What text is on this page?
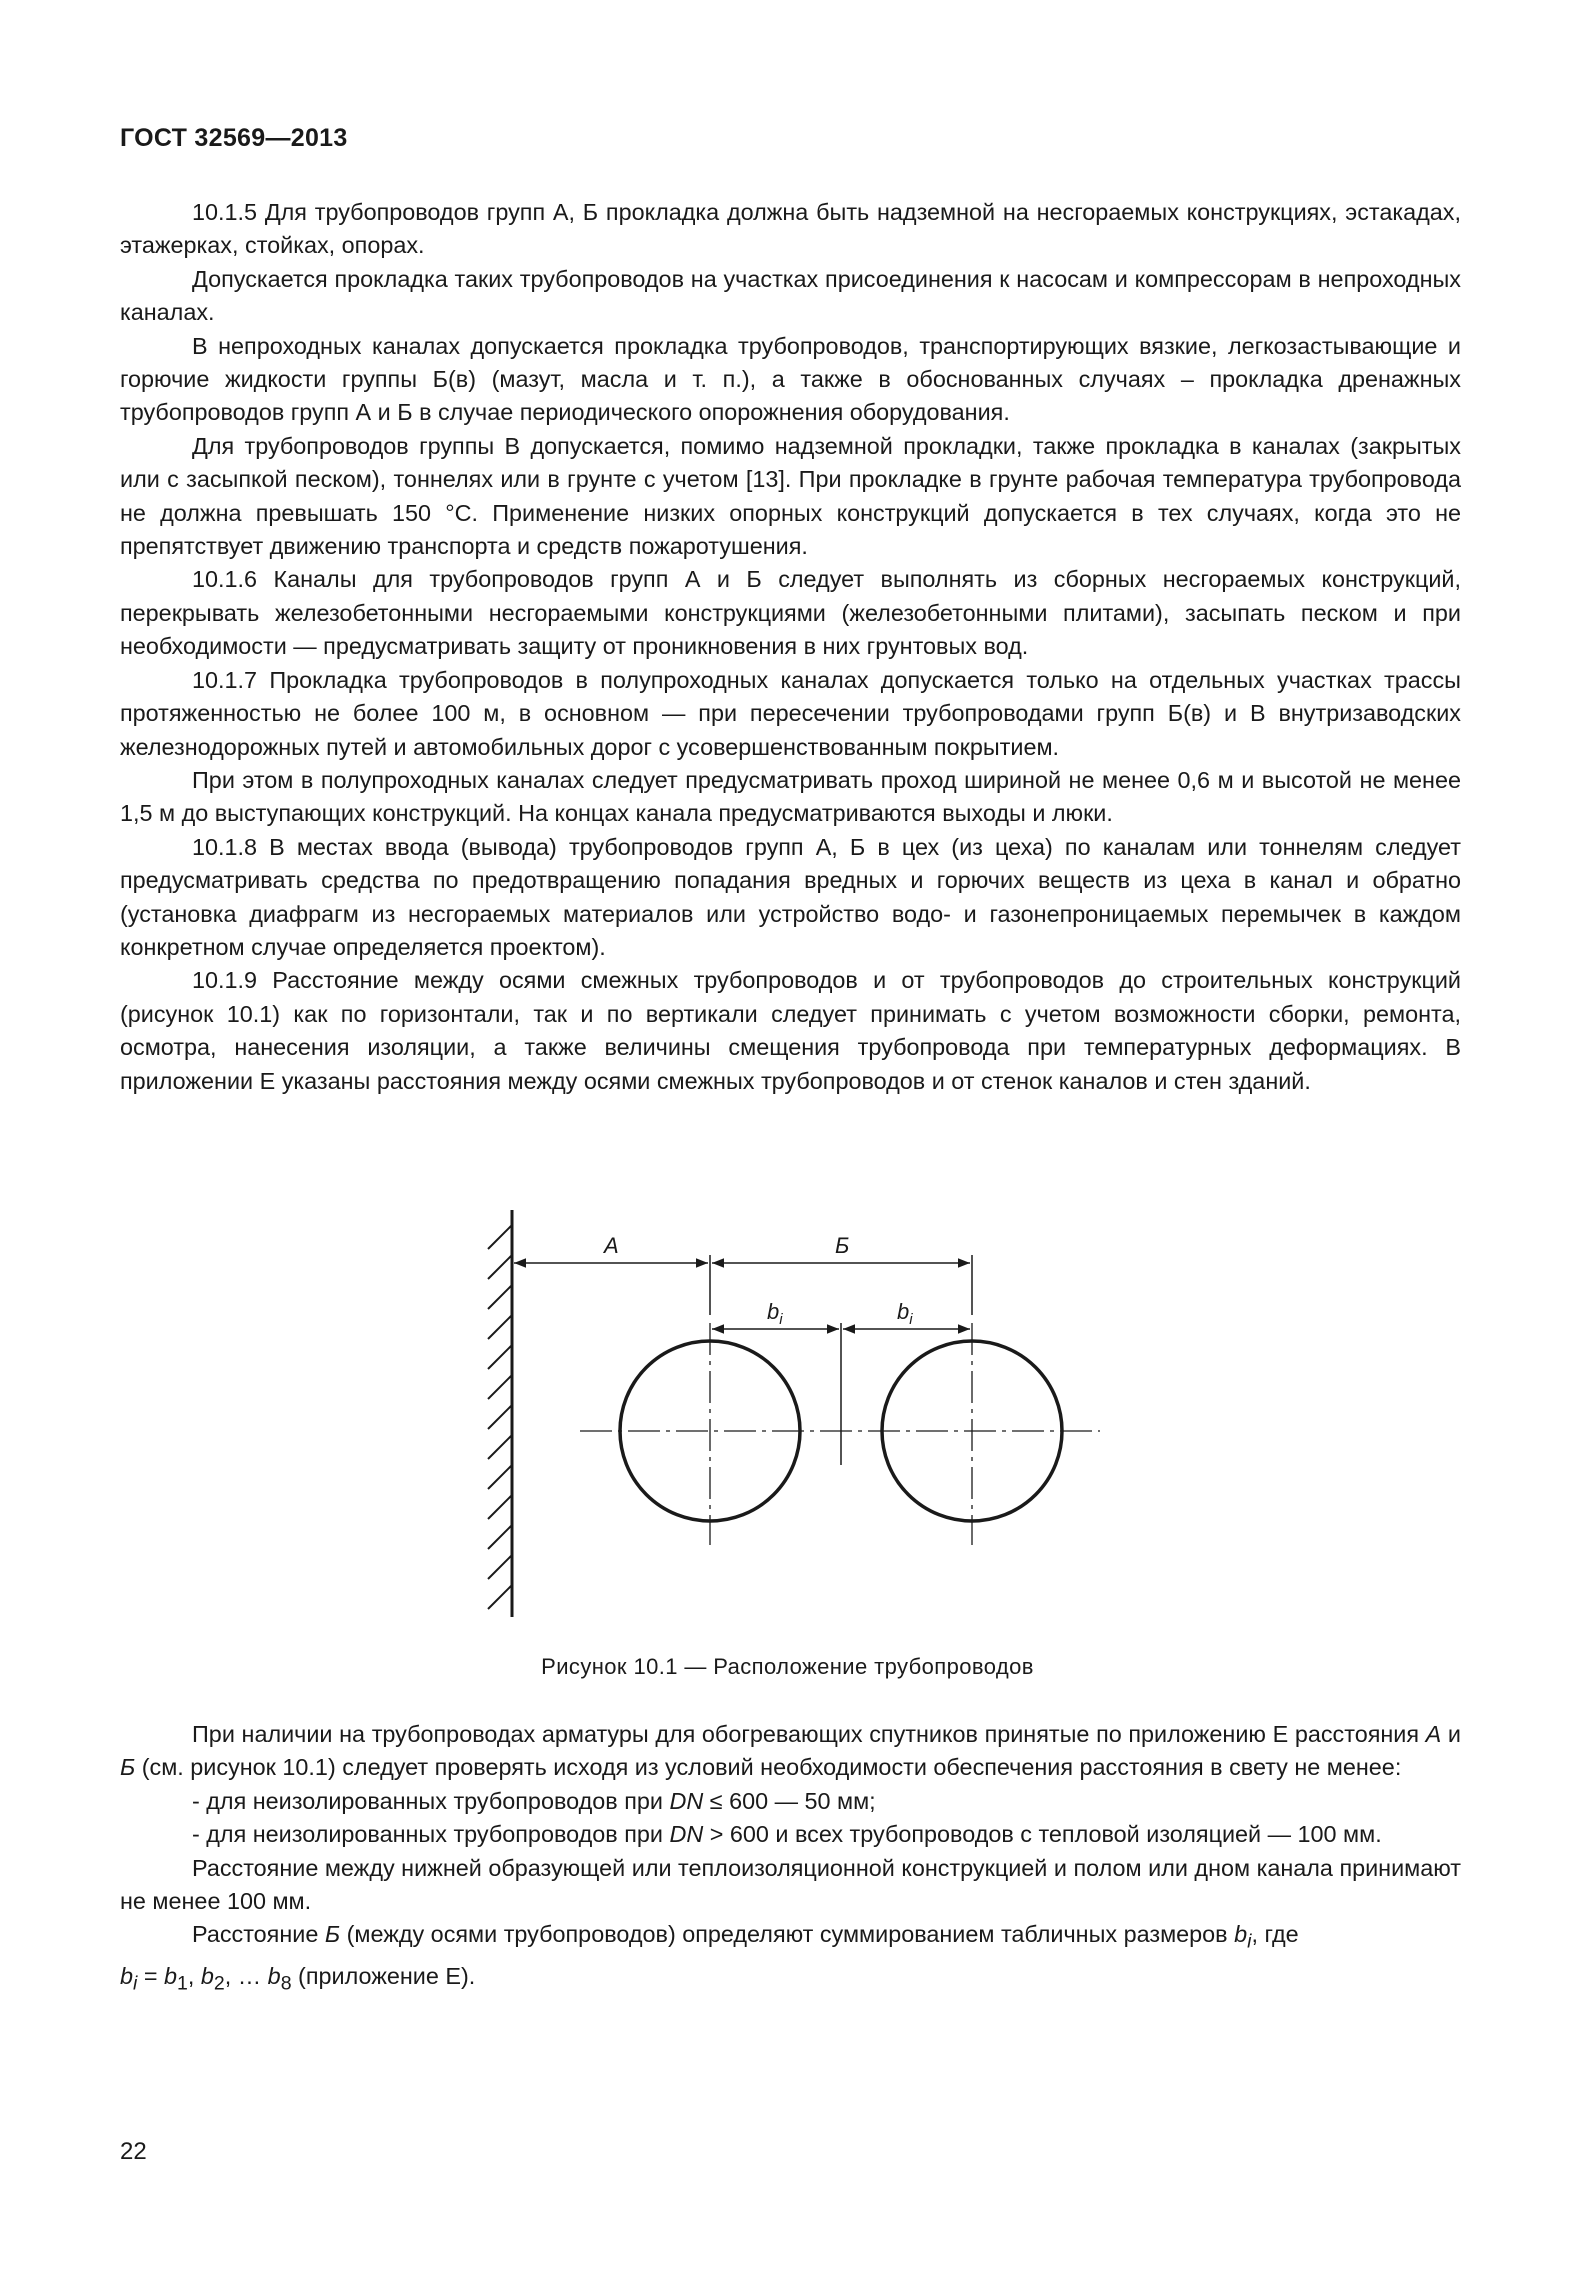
ГОСТ 32569—2013

10.1.5 Для трубопроводов групп А, Б прокладка должна быть надземной на несгораемых конструкциях, эстакадах, этажерках, стойках, опорах.

Допускается прокладка таких трубопроводов на участках присоединения к насосам и компрессорам в непроходных каналах.

В непроходных каналах допускается прокладка трубопроводов, транспортирующих вязкие, легкозастывающие и горючие жидкости группы Б(в) (мазут, масла и т. п.), а также в обоснованных случаях – прокладка дренажных трубопроводов групп А и Б в случае периодического опорожнения оборудования.

Для трубопроводов группы В допускается, помимо надземной прокладки, также прокладка в каналах (закрытых или с засыпкой песком), тоннелях или в грунте с учетом [13]. При прокладке в грунте рабочая температура трубопровода не должна превышать 150 °С. Применение низких опорных конструкций допускается в тех случаях, когда это не препятствует движению транспорта и средств пожаротушения.

10.1.6 Каналы для трубопроводов групп А и Б следует выполнять из сборных несгораемых конструкций, перекрывать железобетонными несгораемыми конструкциями (железобетонными плитами), засыпать песком и при необходимости — предусматривать защиту от проникновения в них грунтовых вод.

10.1.7 Прокладка трубопроводов в полупроходных каналах допускается только на отдельных участках трассы протяженностью не более 100 м, в основном — при пересечении трубопроводами групп Б(в) и В внутризаводских железнодорожных путей и автомобильных дорог с усовершенствованным покрытием.

При этом в полупроходных каналах следует предусматривать проход шириной не менее 0,6 м и высотой не менее 1,5 м до выступающих конструкций. На концах канала предусматриваются выходы и люки.

10.1.8 В местах ввода (вывода) трубопроводов групп А, Б в цех (из цеха) по каналам или тоннелям следует предусматривать средства по предотвращению попадания вредных и горючих веществ из цеха в канал и обратно (установка диафрагм из несгораемых материалов или устройство водо- и газонепроницаемых перемычек в каждом конкретном случае определяется проектом).

10.1.9 Расстояние между осями смежных трубопроводов и от трубопроводов до строительных конструкций (рисунок 10.1) как по горизонтали, так и по вертикали следует принимать с учетом возможности сборки, ремонта, осмотра, нанесения изоляции, а также величины смещения трубопровода при температурных деформациях. В приложении Е указаны расстояния между осями смежных трубопроводов и от стенок каналов и стен зданий.

А	Б
$b_i$	$b_i$
Рисунок 10.1 — Расположение трубопроводов

При наличии на трубопроводах арматуры для обогревающих спутников принятые по приложению Е расстояния А и Б (см. рисунок 10.1) следует проверять исходя из условий необходимости обеспечения расстояния в свету не менее:

- для неизолированных трубопроводов при DN ≤ 600 — 50 мм;

- для неизолированных трубопроводов при DN > 600 и всех трубопроводов с тепловой изоляцией — 100 мм.

Расстояние между нижней образующей или теплоизоляционной конструкцией и полом или дном канала принимают не менее 100 мм.

Расстояние Б (между осями трубопроводов) определяют суммированием табличных размеров $b_i$, где
$b_i = b_1$, $b_2$, … $b_8$ (приложение Е).

22
